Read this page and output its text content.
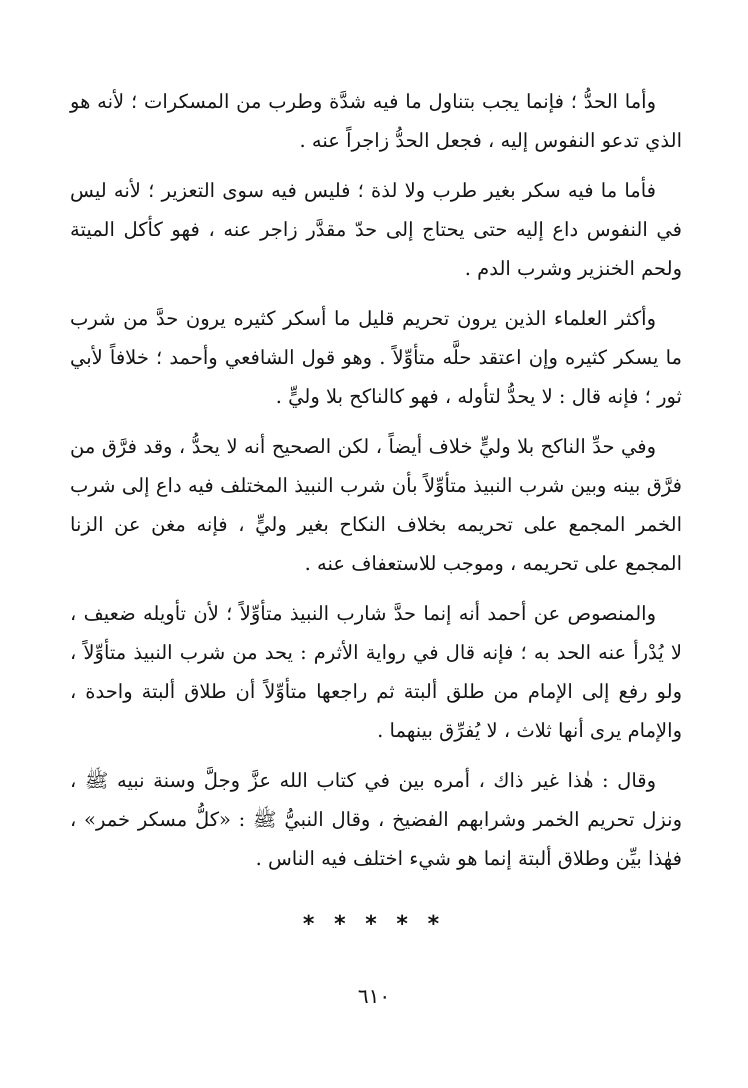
وأما الحدُّ ؛ فإنما يجب بتناول ما فيه شدَّة وطرب من المسكرات ؛ لأنه هو الذي تدعو النفوس إليه ، فجعل الحدُّ زاجراً عنه .

فأما ما فيه سكر بغير طرب ولا لذة ؛ فليس فيه سوى التعزير ؛ لأنه ليس في النفوس داع إليه حتى يحتاج إلى حدّ مقدَّر زاجر عنه ، فهو كأكل الميتة ولحم الخنزير وشرب الدم .

وأكثر العلماء الذين يرون تحريم قليل ما أسكر كثيره يرون حدَّ من شرب ما يسكر كثيره وإن اعتقد حلَّه متأوِّلاً . وهو قول الشافعي وأحمد ؛ خلافاً لأبي ثور ؛ فإنه قال : لا يحدُّ لتأوله ، فهو كالناكح بلا وليٍّ .

وفي حدِّ الناكح بلا وليٍّ خلاف أيضاً ، لكن الصحيح أنه لا يحدُّ ، وقد فرَّق من فرَّق بينه وبين شرب النبيذ متأوِّلاً بأن شرب النبيذ المختلف فيه داع إلى شرب الخمر المجمع على تحريمه بخلاف النكاح بغير وليٍّ ، فإنه مغن عن الزنا المجمع على تحريمه ، وموجب للاستعفاف عنه .

والمنصوص عن أحمد أنه إنما حدَّ شارب النبيذ متأوِّلاً ؛ لأن تأويله ضعيف ، لا يُدْرأ عنه الحد به ؛ فإنه قال في رواية الأثرم : يحد من شرب النبيذ متأوِّلاً ، ولو رفع إلى الإمام من طلق ألبتة ثم راجعها متأوِّلاً أن طلاق ألبتة واحدة ، والإمام يرى أنها ثلاث ، لا يُفرِّق بينهما .

وقال : هٰذا غير ذاك ، أمره بين في كتاب الله عزَّ وجلَّ وسنة نبيه ﷺ ، ونزل تحريم الخمر وشرابهم الفضيخ ، وقال النبيُّ ﷺ : «كلُّ مسكر خمر» ، فهٰذا بيِّن وطلاق ألبتة إنما هو شيء اختلف فيه الناس .

* * * * *
٦١٠
